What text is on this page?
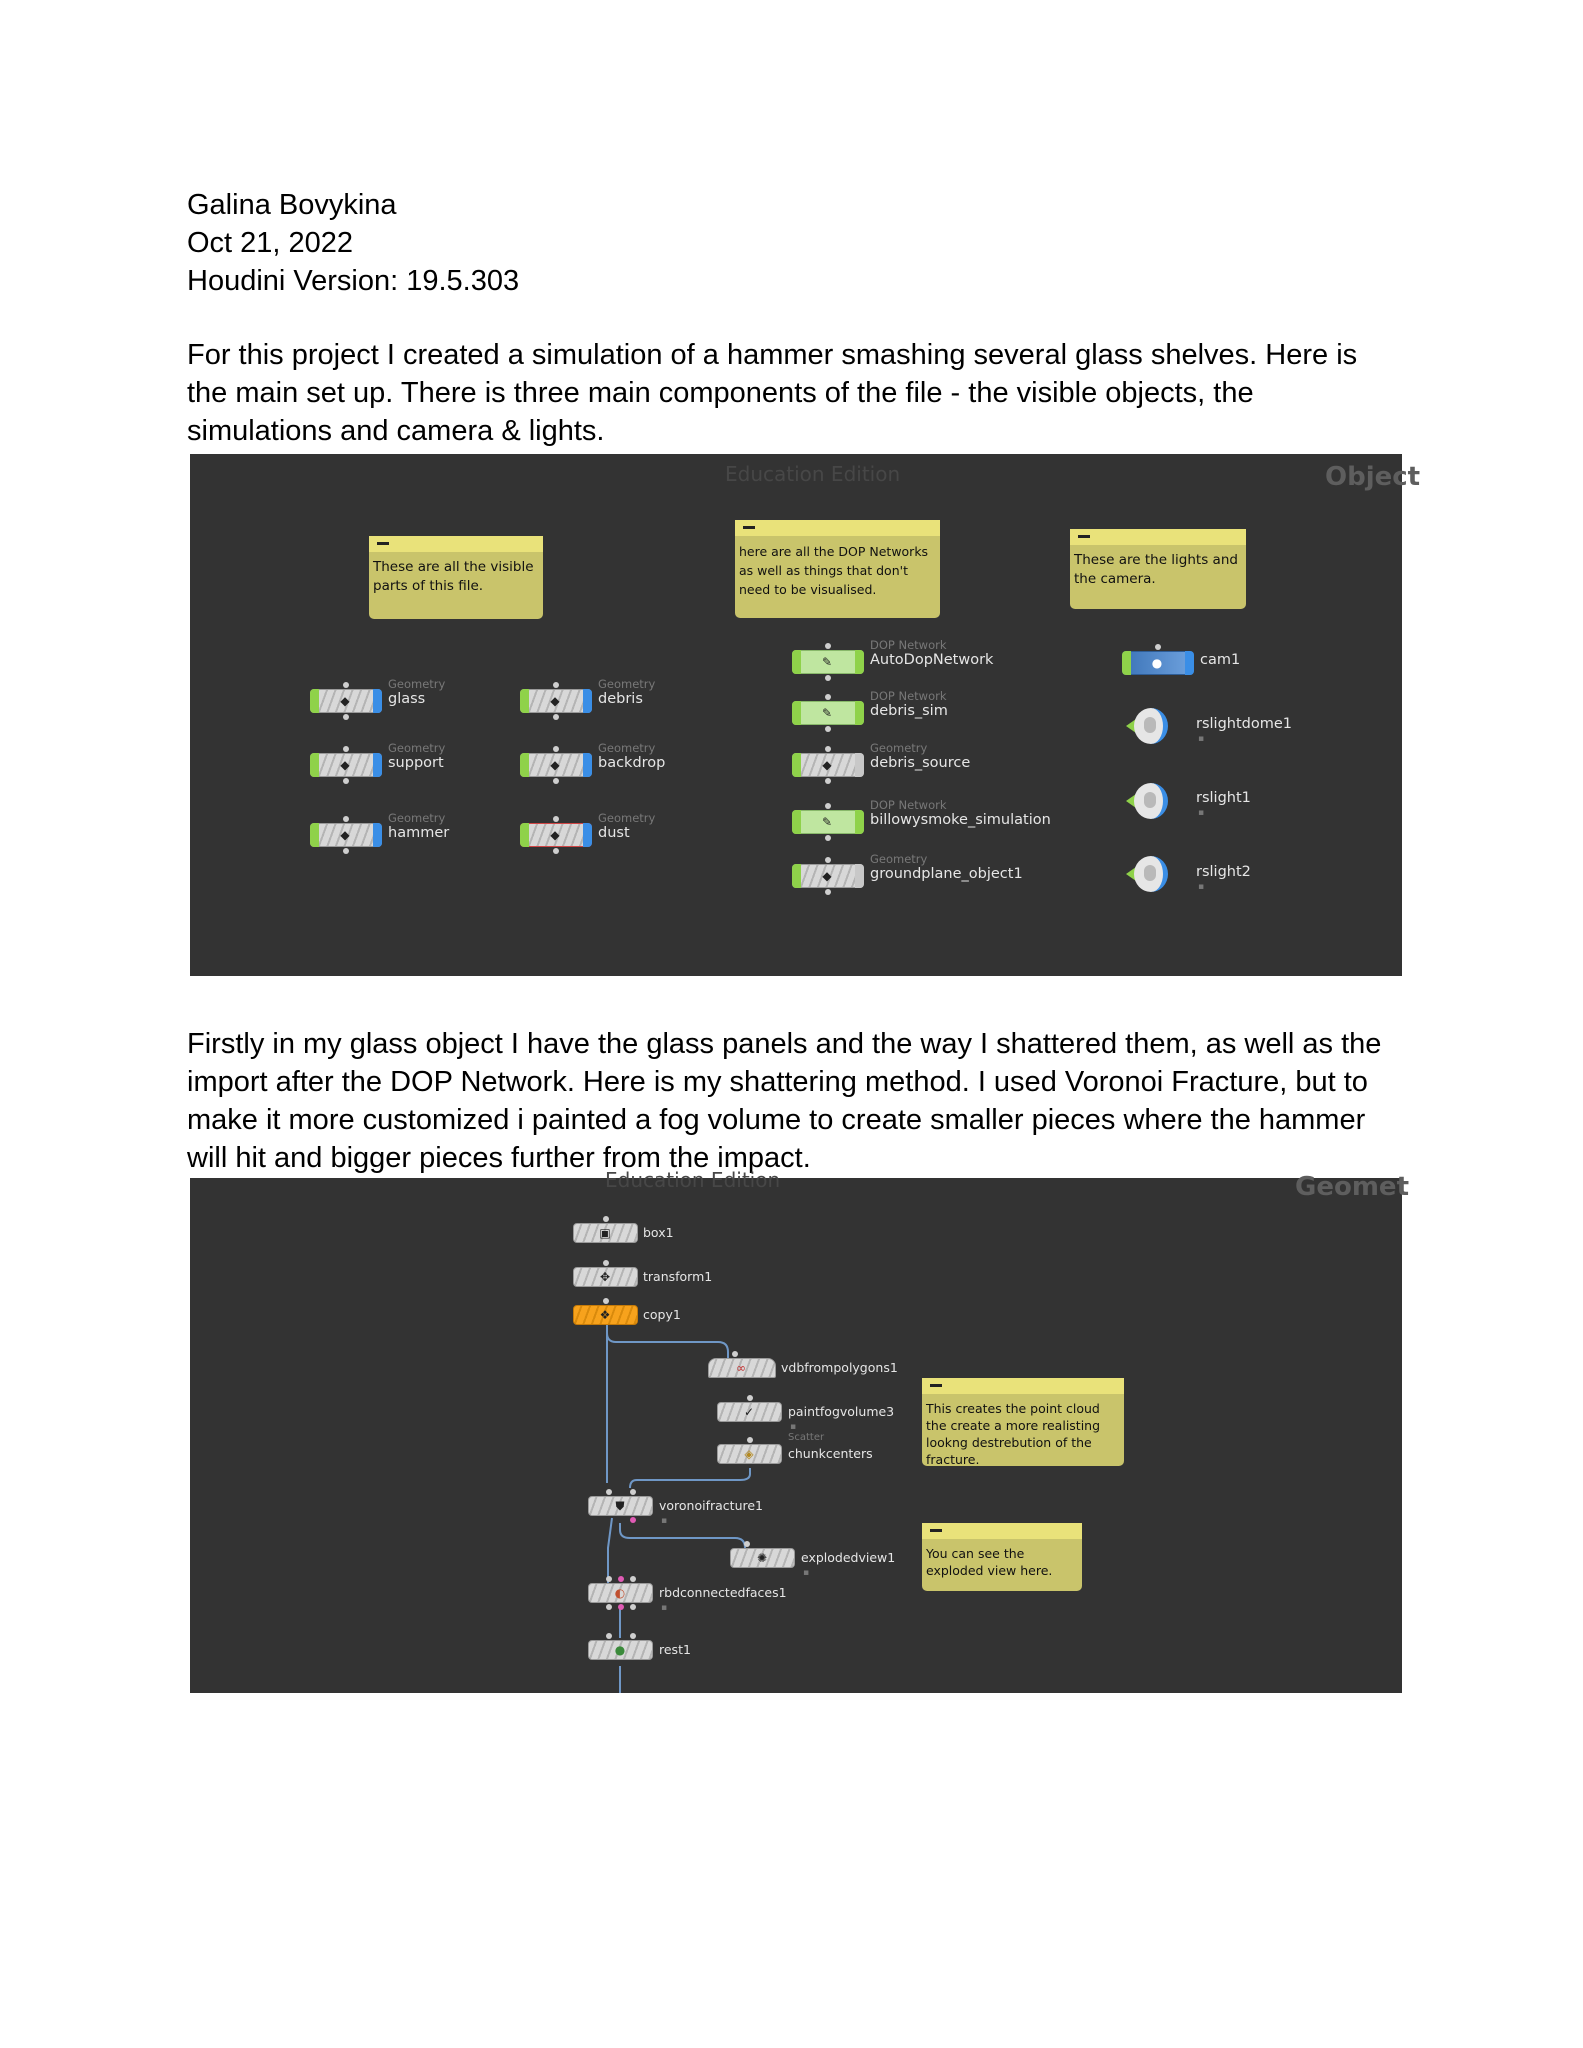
Galina Bovykina
Oct 21, 2022
Houdini Version: 19.5.303

For this project I created a simulation of a hammer smashing several glass shelves. Here is the main set up. There is three main components of the file - the visible objects, the simulations and camera & lights.

Education Edition	Object
These are all the visible parts of this file.
here are all the DOP Networks as well as things that don't need to be visualised.
These are the lights and the camera.
◆
Geometry
glass	◆
Geometry
debris
◆
Geometry
support	◆
Geometry
backdrop
◆
Geometry
hammer	◆
Geometry
dust
✎
DOP Network
AutoDopNetwork
✎
DOP Network
debris_sim
◆
Geometry
debris_source
✎
DOP Network
billowysmoke_simulation
◆
Geometry
groundplane_object1
●	cam1
rslightdome1
▪
rslight1
▪
rslight2
▪

Firstly in my glass object I have the glass panels and the way I shattered them, as well as the import after the DOP Network. Here is my shattering method. I used Voronoi Fracture, but to make it more customized i painted a fog volume to create smaller pieces where the hammer will hit and bigger pieces further from the impact.

Education Edition	Geomet
▣	box1
✥	transform1
❖	copy1
∞	vdbfrompolygons1
✓	paintfogvolume3
▪
Scatter
◈	chunkcenters
⛊	voronoifracture1
▪
✺	explodedview1
▪
◐	rbdconnectedfaces1
▪
●	rest1
This creates the point cloud the create a more realisting lookng destrebution of the fracture.
You can see the exploded view here.
